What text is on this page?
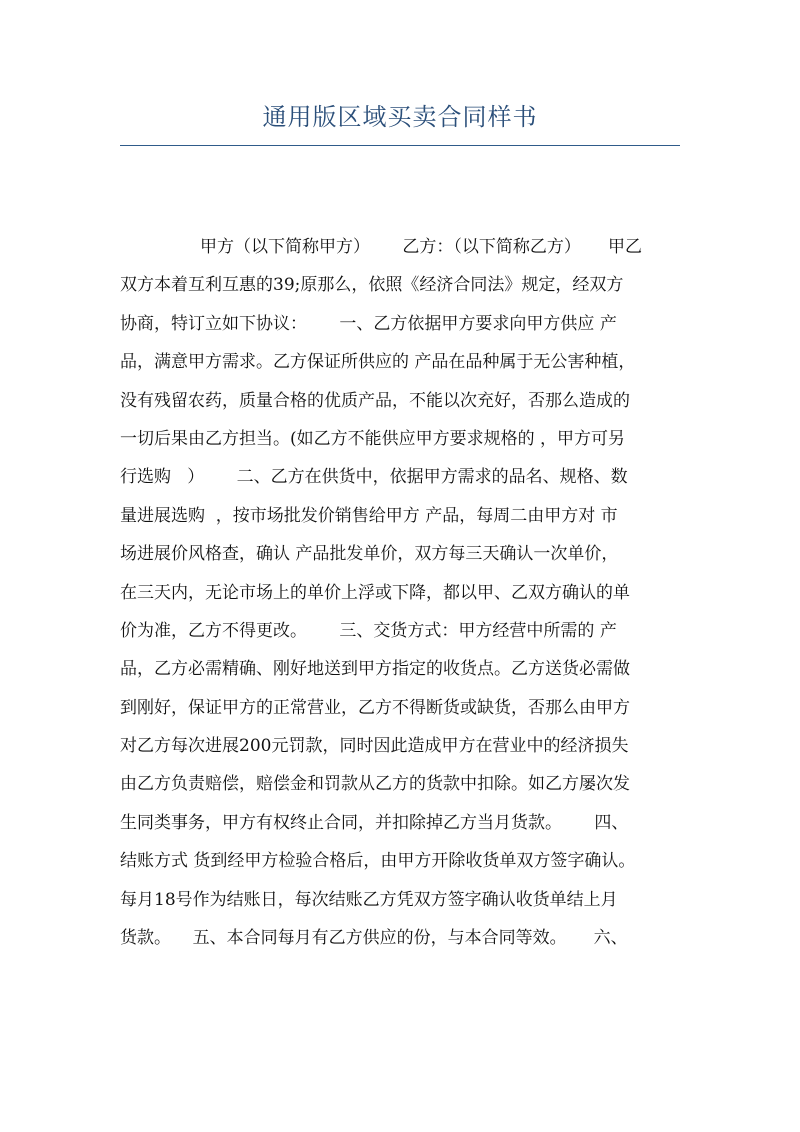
通用版区域买卖合同样书
甲方（以下简称甲方）      乙方：（以下简称乙方）     甲乙
双方本着互利互惠的39;原那么，依照《经济合同法》规定，经双方
协商，特订立如下协议：      一、乙方依据甲方要求向甲方供应 产
品，满意甲方需求。乙方保证所供应的 产品在品种属于无公害种植，
没有残留农药，质量合格的优质产品，不能以次充好，否那么造成的
一切后果由乙方担当。(如乙方不能供应甲方要求规格的 ，甲方可另
行选购   ）      二、乙方在供货中，依据甲方需求的品名、规格、数
量进展选购  ，按市场批发价销售给甲方 产品，每周二由甲方对 市
场进展价风格查，确认 产品批发单价，双方每三天确认一次单价，
在三天内，无论市场上的单价上浮或下降，都以甲、乙双方确认的单
价为准，乙方不得更改。      三、交货方式：甲方经营中所需的 产
品，乙方必需精确、刚好地送到甲方指定的收货点。乙方送货必需做
到刚好，保证甲方的正常营业，乙方不得断货或缺货，否那么由甲方
对乙方每次进展200元罚款，同时因此造成甲方在营业中的经济损失
由乙方负责赔偿，赔偿金和罚款从乙方的货款中扣除。如乙方屡次发
生同类事务，甲方有权终止合同，并扣除掉乙方当月货款。      四、
结账方式 货到经甲方检验合格后，由甲方开除收货单双方签字确认。
每月18号作为结账日，每次结账乙方凭双方签字确认收货单结上月
货款。    五、本合同每月有乙方供应的份，与本合同等效。     六、
